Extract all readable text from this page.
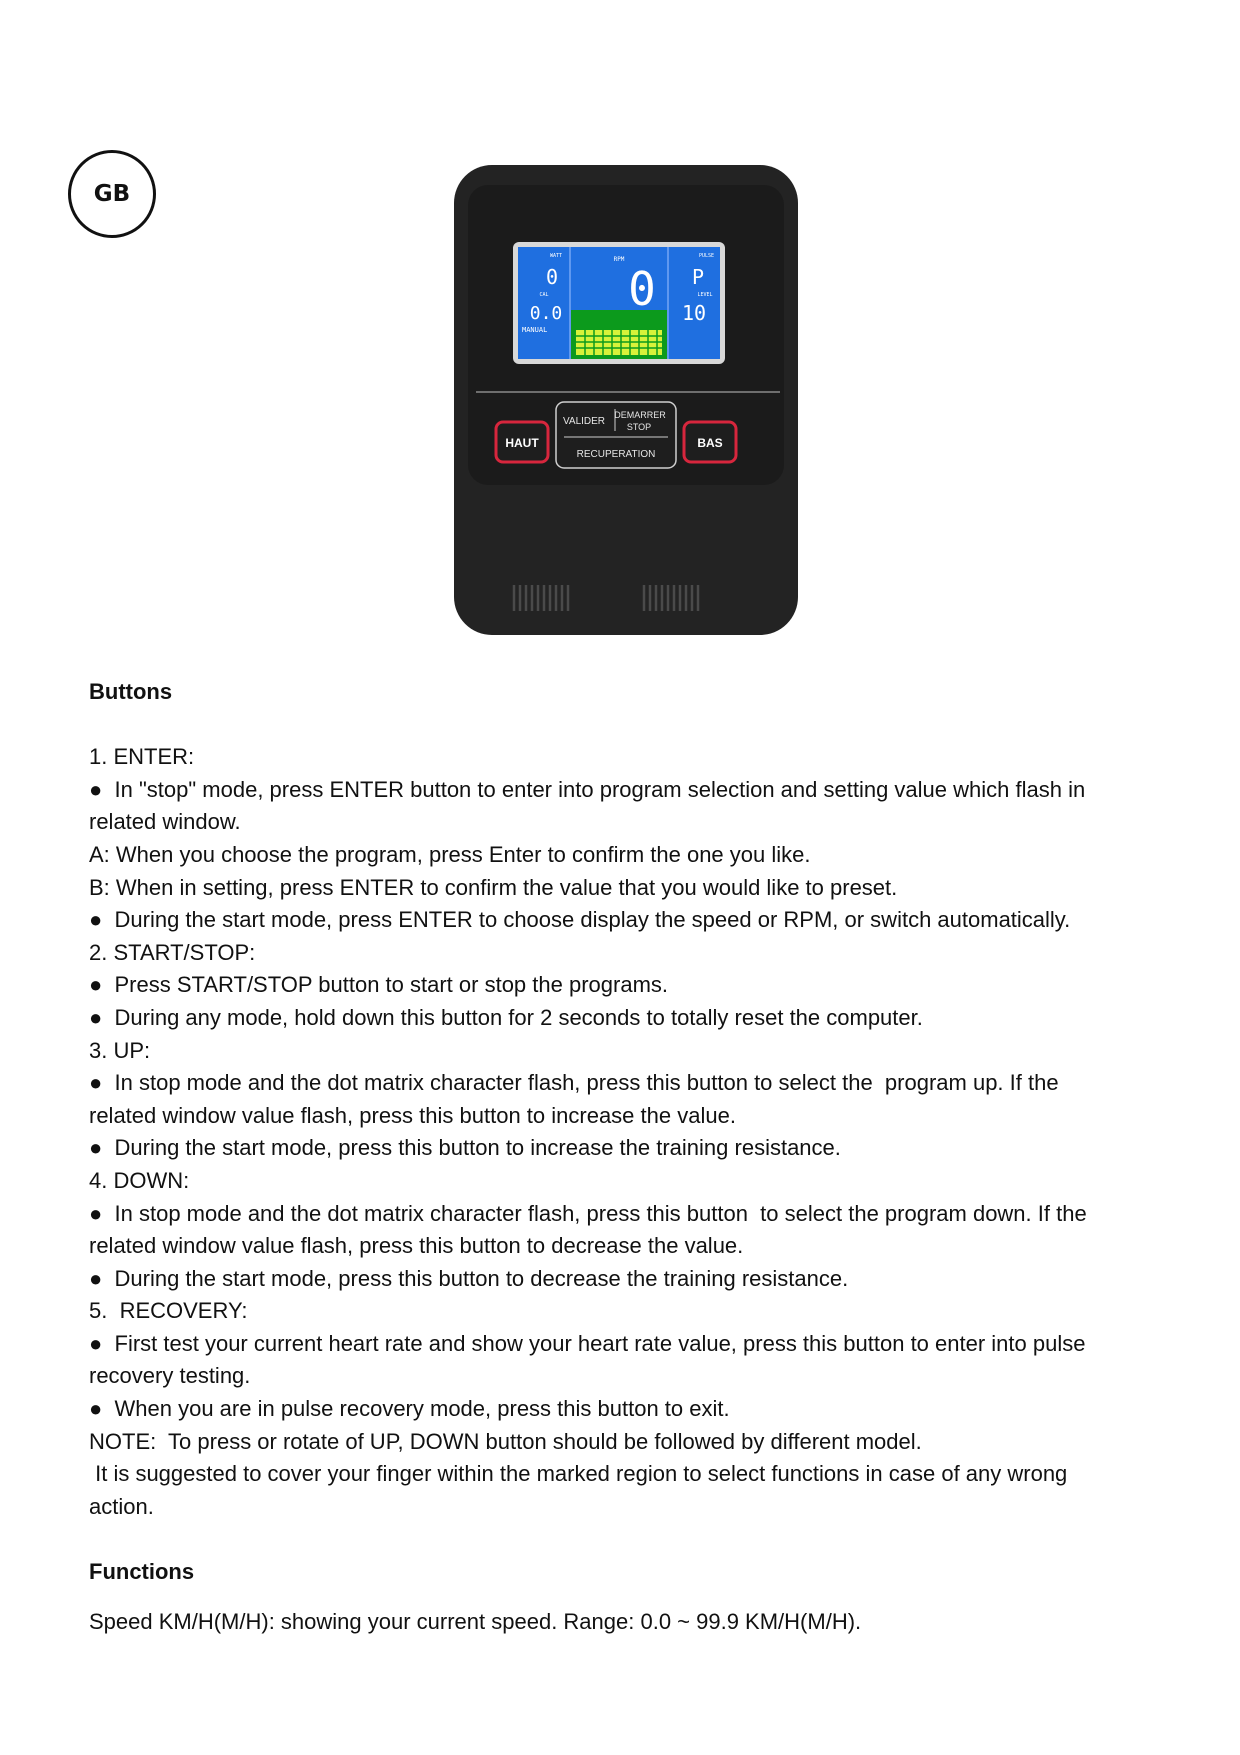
GB
WATT
0
CAL
0.0
MANUAL
RPM
0
PULSE
P
LEVEL
10
HAUT	BAS
VALIDER
DEMARRER
STOP
RECUPERATION

Buttons

1. ENTER:

●  In "stop" mode, press ENTER button to enter into program selection and setting value which flash in

related window.

A: When you choose the program, press Enter to confirm the one you like.

B: When in setting, press ENTER to confirm the value that you would like to preset.

●  During the start mode, press ENTER to choose display the speed or RPM, or switch automatically.

2. START/STOP:

●  Press START/STOP button to start or stop the programs.

●  During any mode, hold down this button for 2 seconds to totally reset the computer.

3. UP:

●  In stop mode and the dot matrix character flash, press this button to select the  program up. If the

related window value flash, press this button to increase the value.

●  During the start mode, press this button to increase the training resistance.

4. DOWN:

●  In stop mode and the dot matrix character flash, press this button  to select the program down. If the

related window value flash, press this button to decrease the value.

●  During the start mode, press this button to decrease the training resistance.

5.  RECOVERY:

●  First test your current heart rate and show your heart rate value, press this button to enter into pulse

recovery testing.

●  When you are in pulse recovery mode, press this button to exit.

NOTE:  To press or rotate of UP, DOWN button should be followed by different model.

It is suggested to cover your finger within the marked region to select functions in case of any wrong

action.

Functions

Speed KM/H(M/H): showing your current speed. Range: 0.0 ~ 99.9 KM/H(M/H).
